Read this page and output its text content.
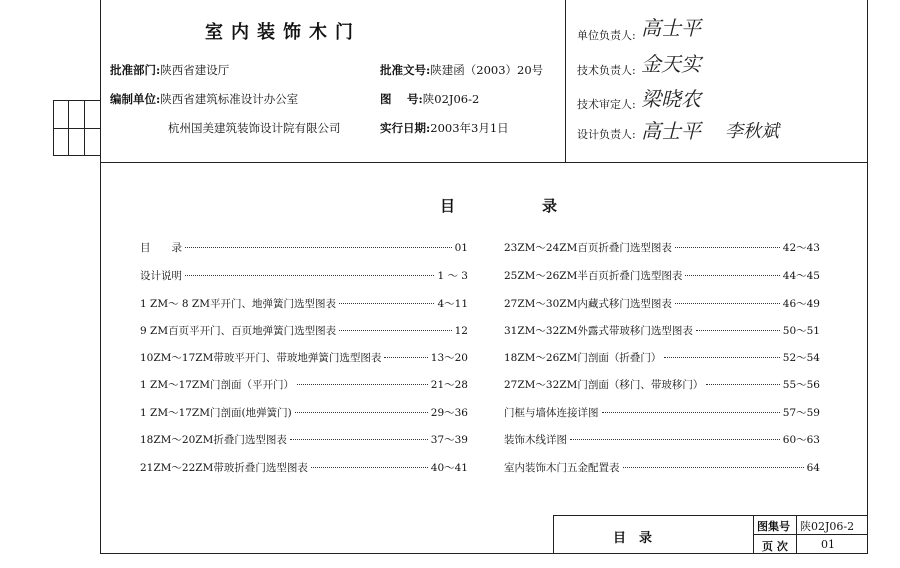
室内装饰木门
批准部门:陕西省建设厅	批准文号:陕建函（2003）20号
编制单位:陕西省建筑标准设计办公室	图　 号:陕02J06-2
杭州国美建筑装饰设计院有限公司	实行日期:2003年3月1日
单位负责人: 高士平
技术负责人: 金天实
技术审定人: 梁晓农
设计负责人: 高士平 李秋斌
目　录
目　　录	01
设计说明	1 ～ 3
1 ZM～ 8 ZM平开门、地弹簧门选型图表	4～11
9 ZM百页平开门、百页地弹簧门选型图表	12
10ZM～17ZM带玻平开门、带玻地弹簧门选型图表	13～20
1 ZM～17ZM门剖面（平开门）	21～28
1 ZM～17ZM门剖面(地弹簧门)	29～36
18ZM～20ZM折叠门选型图表	37～39
21ZM～22ZM带玻折叠门选型图表	40～41
23ZM～24ZM百页折叠门选型图表	42～43
25ZM～26ZM半百页折叠门选型图表	44～45
27ZM～30ZM内藏式移门选型图表	46～49
31ZM～32ZM外露式带玻移门选型图表	50～51
18ZM～26ZM门剖面（折叠门）	52～54
27ZM～32ZM门剖面（移门、带玻移门）	55～56
门框与墙体连接详图	57～59
装饰木线详图	60～63
室内装饰木门五金配置表	64
目　录
图集号 陕02J06-2
页 次	01
